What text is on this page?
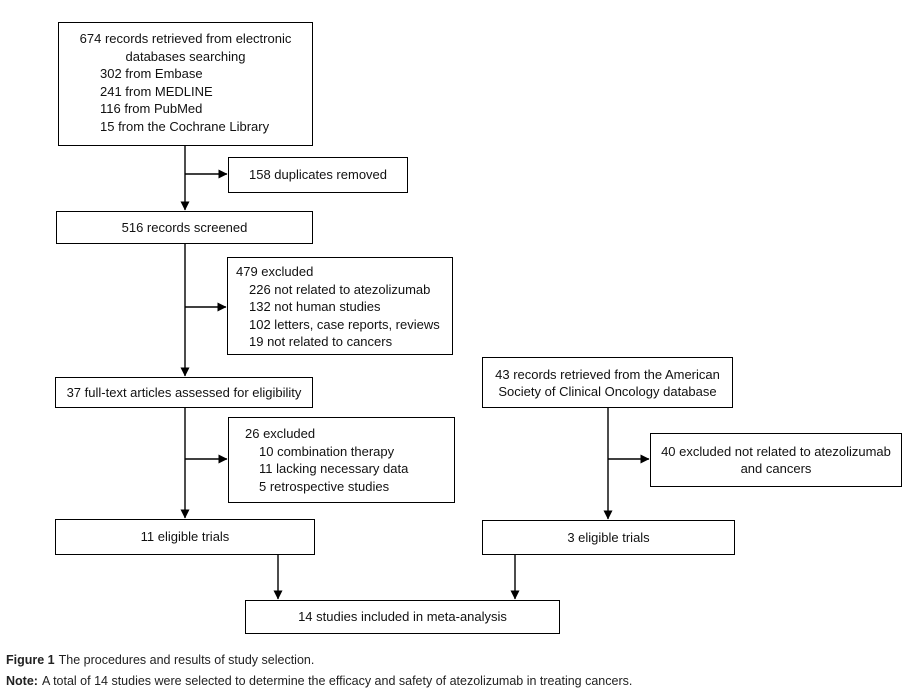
674 records retrieved from electronic
databases searching
302 from Embase
241 from MEDLINE
116 from PubMed
15 from the Cochrane Library
158 duplicates removed
516 records screened
479 excluded
226 not related to atezolizumab
132 not human studies
102 letters, case reports, reviews
19 not related to cancers
37 full-text articles assessed for eligibility
43 records retrieved from the American Society of Clinical Oncology database
26 excluded
10 combination therapy
11 lacking necessary data
5 retrospective studies
40 excluded not related to atezolizumab and cancers
11 eligible trials	3 eligible trials
14 studies included in meta-analysis
Figure 1 The procedures and results of study selection.
Note: A total of 14 studies were selected to determine the efficacy and safety of atezolizumab in treating cancers.
